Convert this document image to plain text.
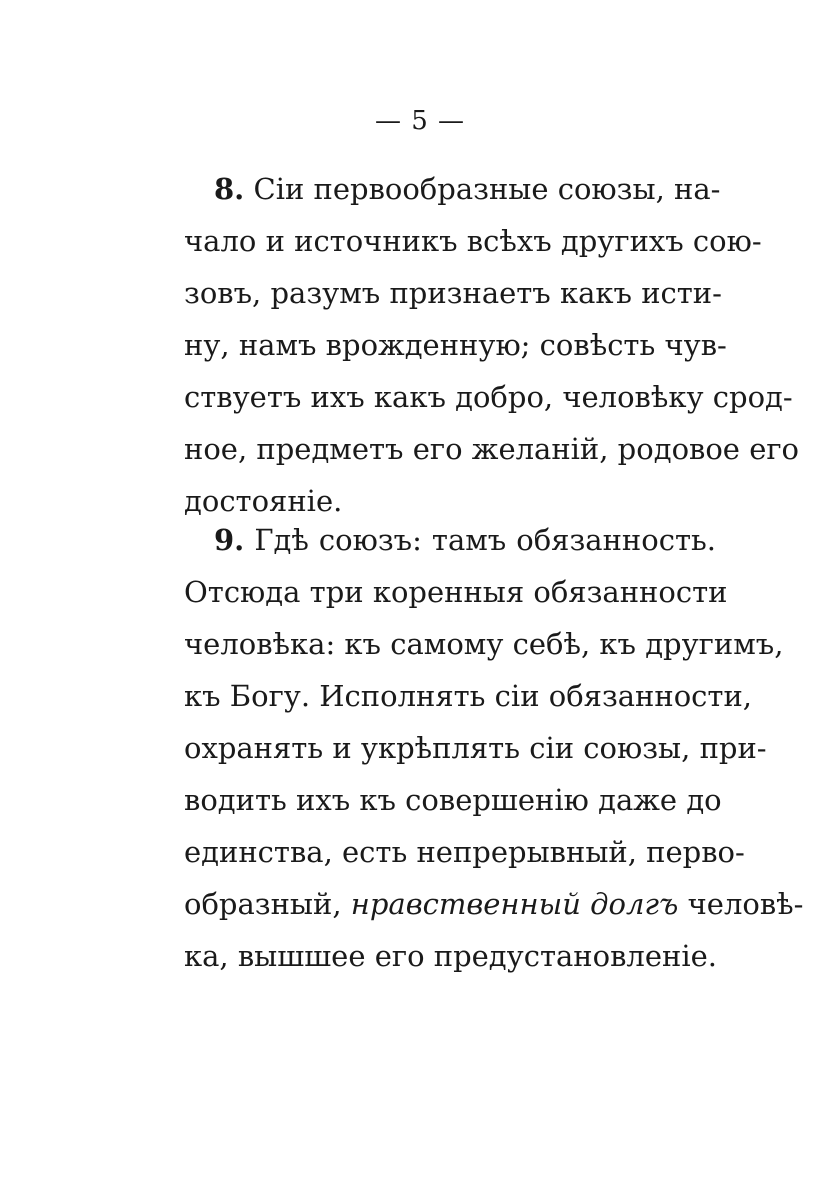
— 5 —
8. Сіи первообразные союзы, на-
чало и источникъ всѣхъ другихъ сою-
зовъ, разумъ признаетъ какъ исти-
ну, намъ врожденную; совѣсть чув-
ствуетъ ихъ какъ добро, человѣку срод-
ное, предметъ его желаній, родовое его
достояніе.
9. Гдѣ союзъ: тамъ обязанность.
Отсюда три коренныя обязанности
человѣка: къ самому себѣ, къ другимъ,
къ Богу. Исполнять сіи обязанности,
охранять и укрѣплять сіи союзы, при-
водить ихъ къ совершенію даже до
единства, есть непрерывный, перво-
образный, нравственный долгъ человѣ-
ка, вышшее его предустановленіе.
